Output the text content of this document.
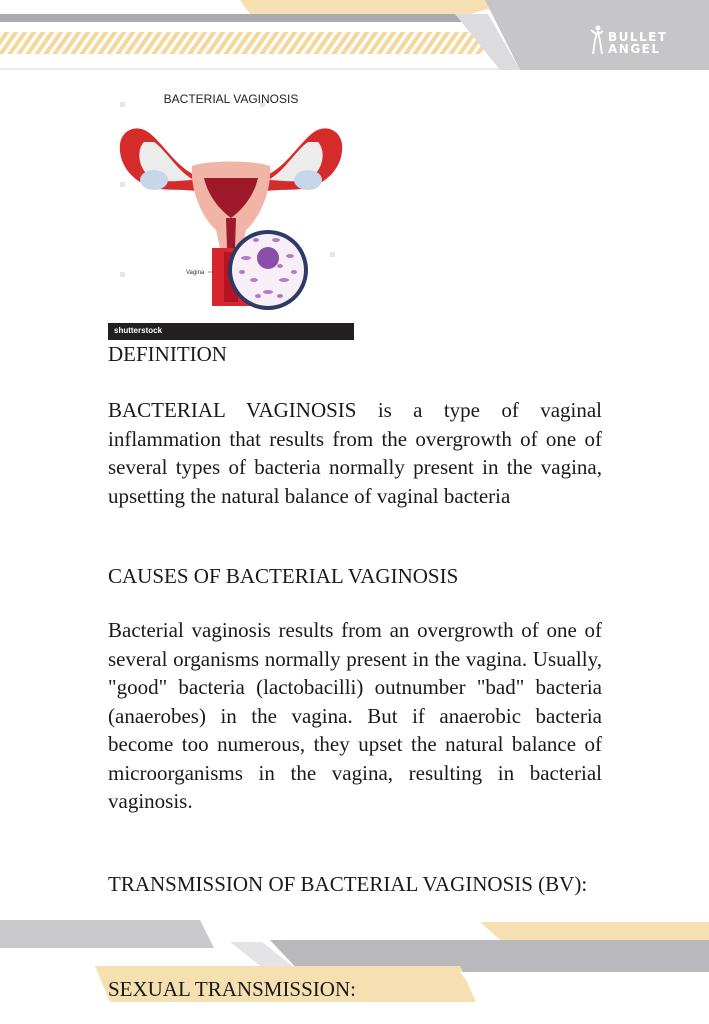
BULLET
ANGEL
BACTERIAL VAGINOSIS
Vagina
shutterstock
DEFINITION
BACTERIAL VAGINOSIS is a type of vaginal inflammation that results from the overgrowth of one of several types of bacteria normally present in the vagina, upsetting the natural balance of vaginal bacteria
CAUSES OF BACTERIAL VAGINOSIS
Bacterial vaginosis results from an overgrowth of one of several organisms normally present in the vagina. Usually, "good" bacteria (lactobacilli) outnumber "bad" bacteria (anaerobes) in the vagina. But if anaerobic bacteria become too numerous, they upset the natural balance of microorganisms in the vagina, resulting in bacterial vaginosis.
TRANSMISSION OF BACTERIAL VAGINOSIS (BV):
SEXUAL TRANSMISSION:
